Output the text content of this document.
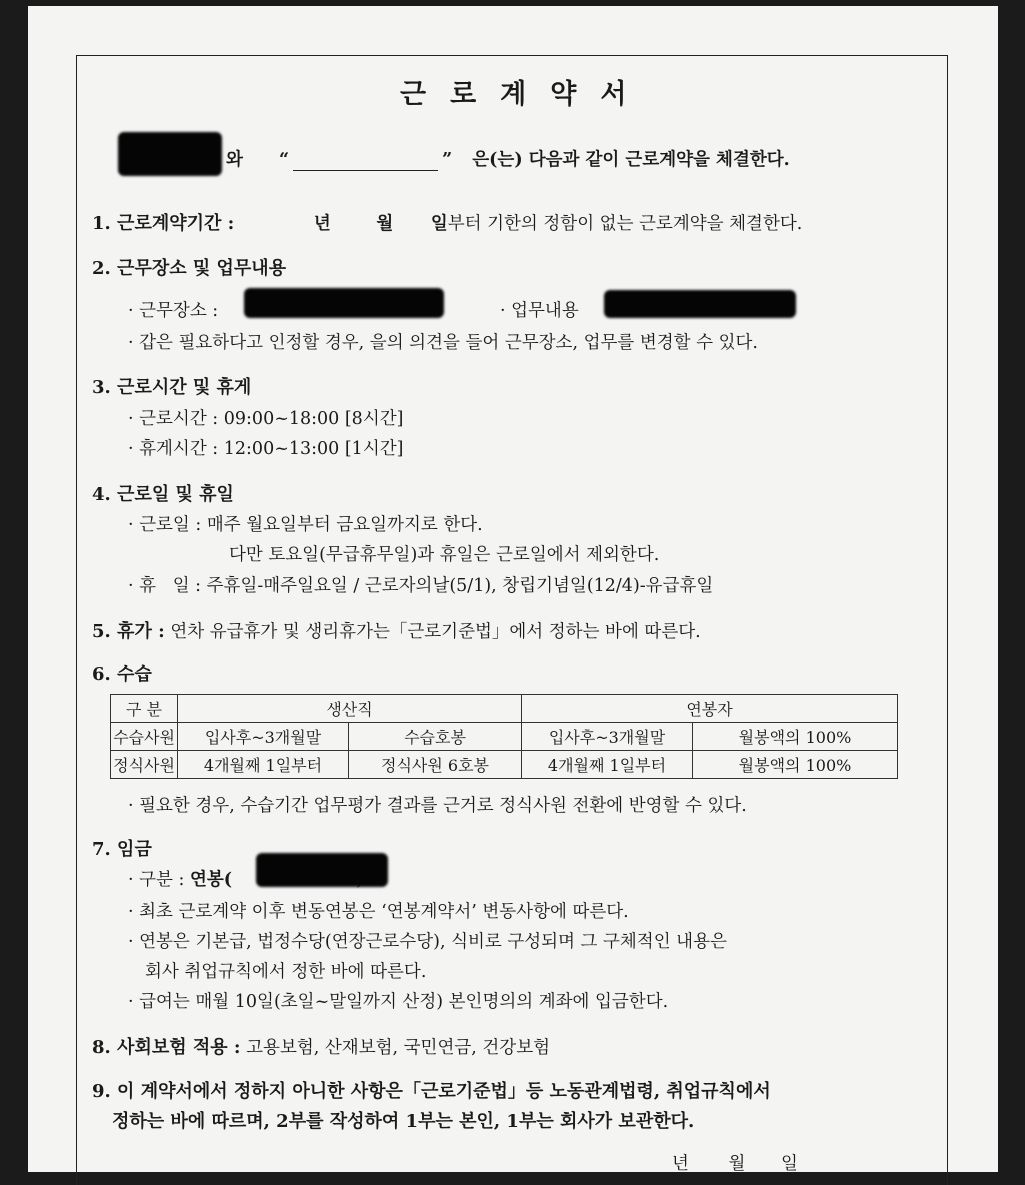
근로계약서
와 “	” 은(는) 다음과 같이 근로계약을 체결한다.
1. 근로계약기간 :	년	월 일부터 기한의 정함이 없는 근로계약을 체결한다.
2. 근무장소 및 업무내용
· 근무장소 :	· 업무내용
· 갑은 필요하다고 인정할 경우, 을의 의견을 들어 근무장소, 업무를 변경할 수 있다.
3. 근로시간 및 휴게
· 근로시간 : 09:00~18:00 [8시간]
· 휴게시간 : 12:00~13:00 [1시간]
4. 근로일 및 휴일
· 근로일 : 매주 월요일부터 금요일까지로 한다.
다만 토요일(무급휴무일)과 휴일은 근로일에서 제외한다.
· 휴   일 : 주휴일-매주일요일 / 근로자의날(5/1), 창립기념일(12/4)-유급휴일
5. 휴가 : 연차 유급휴가 및 생리휴가는「근로기준법」에서 정하는 바에 따른다.
6. 수습
구 분	생산직		연봉자	
수습사원	입사후~3개월말	수습호봉	입사후~3개월말	월봉액의 100%
정식사원	4개월째 1일부터	정식사원 6호봉	4개월째 1일부터	월봉액의 100%
· 필요한 경우, 수습기간 업무평가 결과를 근거로 정식사원 전환에 반영할 수 있다.
7. 임금
· 구분 : 연봉(
· 최초 근로계약 이후 변동연봉은 ‘연봉계약서’ 변동사항에 따른다.
· 연봉은 기본급, 법정수당(연장근로수당), 식비로 구성되며 그 구체적인 내용은
회사 취업규칙에서 정한 바에 따른다.
· 급여는 매월 10일(초일~말일까지 산정) 본인명의의 계좌에 입금한다.
8. 사회보험 적용 : 고용보험, 산재보험, 국민연금, 건강보험
9. 이 계약서에서 정하지 아니한 사항은「근로기준법」등 노동관계법령, 취업규칙에서
정하는 바에 따르며, 2부를 작성하여 1부는 본인, 1부는 회사가 보관한다.
년 월 일
